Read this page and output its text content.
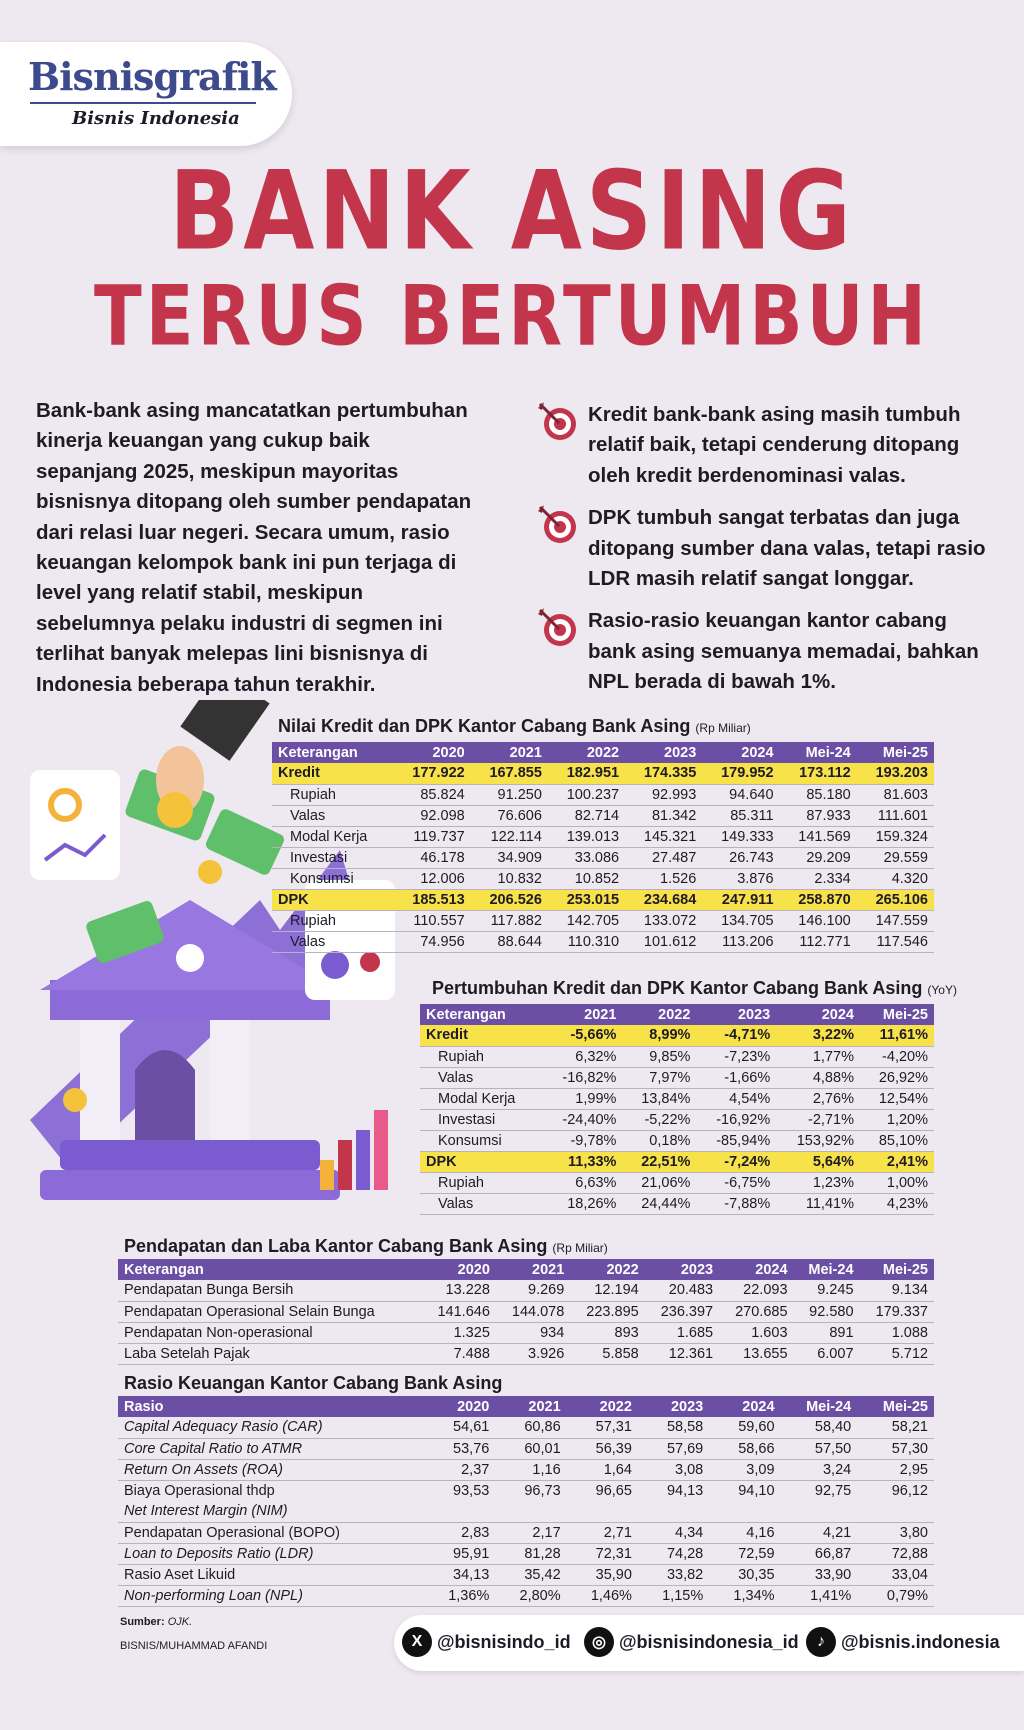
Bisnisgrafik
Bisnis Indonesia
BANK ASING
TERUS BERTUMBUH

Bank-bank asing mancatatkan pertumbuhan kinerja keuangan yang cukup baik sepanjang 2025, meskipun mayoritas bisnisnya ditopang oleh sumber pendapatan dari relasi luar negeri. Secara umum, rasio keuangan kelompok bank ini pun terjaga di level yang relatif stabil, meskipun sebelumnya pelaku industri di segmen ini terlihat banyak melepas lini bisnisnya di Indonesia beberapa tahun terakhir.

Kredit bank-bank asing masih tumbuh relatif baik, tetapi cenderung ditopang oleh kredit berdenominasi valas.
DPK tumbuh sangat terbatas dan juga ditopang sumber dana valas, tetapi rasio LDR masih relatif sangat longgar.
Rasio-rasio keuangan kantor cabang bank asing semuanya memadai, bahkan NPL berada di bawah 1%.
Nilai Kredit dan DPK Kantor Cabang Bank Asing (Rp Miliar)
Keterangan	2020	2021	2022	2023	2024	Mei-24	Mei-25
Kredit	177.922	167.855	182.951	174.335	179.952	173.112	193.203
Rupiah	85.824	91.250	100.237	92.993	94.640	85.180	81.603
Valas	92.098	76.606	82.714	81.342	85.311	87.933	111.601
Modal Kerja	119.737	122.114	139.013	145.321	149.333	141.569	159.324
Investasi	46.178	34.909	33.086	27.487	26.743	29.209	29.559
Konsumsi	12.006	10.832	10.852	1.526	3.876	2.334	4.320
DPK	185.513	206.526	253.015	234.684	247.911	258.870	265.106
Rupiah	110.557	117.882	142.705	133.072	134.705	146.100	147.559
Valas	74.956	88.644	110.310	101.612	113.206	112.771	117.546
Pertumbuhan Kredit dan DPK Kantor Cabang Bank Asing (YoY)
Keterangan	2021	2022	2023	2024	Mei-25
Kredit	-5,66%	8,99%	-4,71%	3,22%	11,61%
Rupiah	6,32%	9,85%	-7,23%	1,77%	-4,20%
Valas	-16,82%	7,97%	-1,66%	4,88%	26,92%
Modal Kerja	1,99%	13,84%	4,54%	2,76%	12,54%
Investasi	-24,40%	-5,22%	-16,92%	-2,71%	1,20%
Konsumsi	-9,78%	0,18%	-85,94%	153,92%	85,10%
DPK	11,33%	22,51%	-7,24%	5,64%	2,41%
Rupiah	6,63%	21,06%	-6,75%	1,23%	1,00%
Valas	18,26%	24,44%	-7,88%	11,41%	4,23%
Pendapatan dan Laba Kantor Cabang Bank Asing (Rp Miliar)
Keterangan	2020	2021	2022	2023	2024	Mei-24	Mei-25
Pendapatan Bunga Bersih	13.228	9.269	12.194	20.483	22.093	9.245	9.134
Pendapatan Operasional Selain Bunga	141.646	144.078	223.895	236.397	270.685	92.580	179.337
Pendapatan Non-operasional	1.325	934	893	1.685	1.603	891	1.088
Laba Setelah Pajak	7.488	3.926	5.858	12.361	13.655	6.007	5.712
Rasio Keuangan Kantor Cabang Bank Asing
Rasio	2020	2021	2022	2023	2024	Mei-24	Mei-25
Capital Adequacy Rasio (CAR)	54,61	60,86	57,31	58,58	59,60	58,40	58,21
Core Capital Ratio to ATMR	53,76	60,01	56,39	57,69	58,66	57,50	57,30
Return On Assets (ROA)	2,37	1,16	1,64	3,08	3,09	3,24	2,95
Biaya Operasional thdp	93,53	96,73	96,65	94,13	94,10	92,75	96,12
Net Interest Margin (NIM)							
Pendapatan Operasional (BOPO)	2,83	2,17	2,71	4,34	4,16	4,21	3,80
Loan to Deposits Ratio (LDR)	95,91	81,28	72,31	74,28	72,59	66,87	72,88
Rasio Aset Likuid	34,13	35,42	35,90	33,82	30,35	33,90	33,04
Non-performing Loan (NPL)	1,36%	2,80%	1,46%	1,15%	1,34%	1,41%	0,79%
Sumber: OJK.
BISNIS/MUHAMMAD AFANDI	X @bisnisindo_id	◎ @bisnisindonesia_id	♪ @bisnis.indonesia
